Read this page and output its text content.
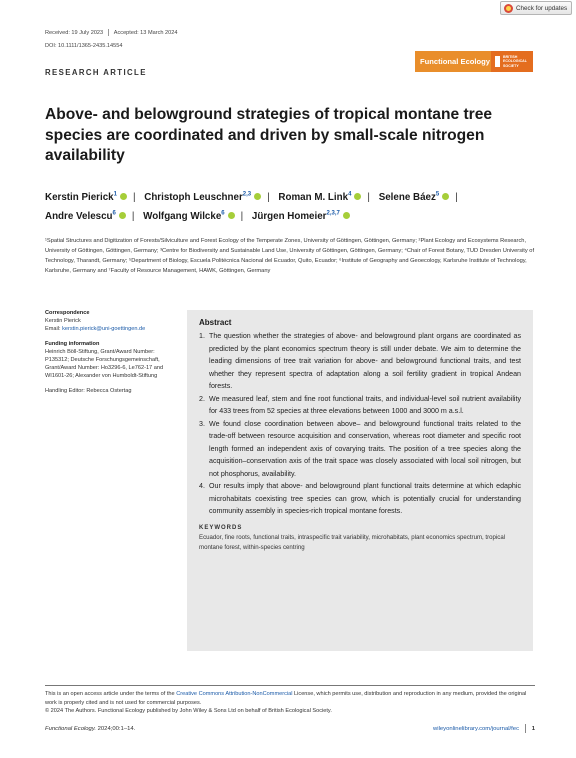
Check for updates
Received: 19 July 2023 Accepted: 13 March 2024
DOI: 10.1111/1365-2435.14554
RESEARCH ARTICLE
Functional Ecology	BRITISH ECOLOGICAL SOCIETY
Above- and belowground strategies of tropical montane tree species are coordinated and driven by small-scale nitrogen availability
Kerstin Pierick$^1$ | Christoph Leuschner$^{2,3}$ | Roman M. Link$^4$ | Selene Báez$^5$ |
Andre Velescu$^6$ | Wolfgang Wilcke$^6$ | Jürgen Homeier$^{2,3,7}$

¹Spatial Structures and Digitization of Forests/Silviculture and Forest Ecology of the Temperate Zones, University of Göttingen, Göttingen, Germany; ²Plant Ecology and Ecosystems Research, University of Göttingen, Göttingen, Germany; ³Centre for Biodiversity and Sustainable Land Use, University of Göttingen, Göttingen, Germany; ⁴Chair of Forest Botany, TUD Dresden University of Technology, Tharandt, Germany; ⁵Department of Biology, Escuela Politécnica Nacional del Ecuador, Quito, Ecuador; ⁶Institute of Geography and Geoecology, Karlsruhe Institute of Technology, Karlsruhe, Germany and ⁷Faculty of Resource Management, HAWK, Göttingen, Germany

Correspondence
Kerstin Pierick
Email: kerstin.pierick@uni-goettingen.de
Funding information
Heinrich Böll-Stiftung, Grant/Award Number: P135312; Deutsche Forschungsgemeinschaft, Grant/Award Number: Ho3296-6, Le762-17 and WI1601-26; Alexander von Humboldt-Stiftung
Handling Editor: Rebecca Ostertag
Abstract
1. The question whether the strategies of above- and belowground plant organs are coordinated as predicted by the plant economics spectrum theory is still under debate. We aim to determine the leading dimensions of tree trait variation for above- and belowground functional traits, and test whether they represent spectra of adaptation along a soil fertility gradient in tropical Andean forests.
2. We measured leaf, stem and fine root functional traits, and individual-level soil nutrient availability for 433 trees from 52 species at three elevations between 1000 and 3000 m a.s.l.
3. We found close coordination between above– and belowground functional traits related to the trade-off between resource acquisition and conservation, whereas root diameter and specific root length formed an independent axis of covarying traits. The position of a tree species along the acquisition–conservation axis of the trait space was closely associated with local soil nitrogen, but not phosphorus, availability.
4. Our results imply that above- and belowground plant functional traits determine at which edaphic microhabitats coexisting tree species can grow, which is potentially crucial for understanding community assembly in species-rich tropical montane forests.
KEYWORDS
Ecuador, fine roots, functional traits, intraspecific trait variability, microhabitats, plant economics spectrum, tropical montane forest, within-species centring
This is an open access article under the terms of the Creative Commons Attribution-NonCommercial License, which permits use, distribution and reproduction in any medium, provided the original work is properly cited and is not used for commercial purposes.
© 2024 The Authors. Functional Ecology published by John Wiley & Sons Ltd on behalf of British Ecological Society.
Functional Ecology. 2024;00:1–14.	wileyonlinelibrary.com/journal/fec 1
